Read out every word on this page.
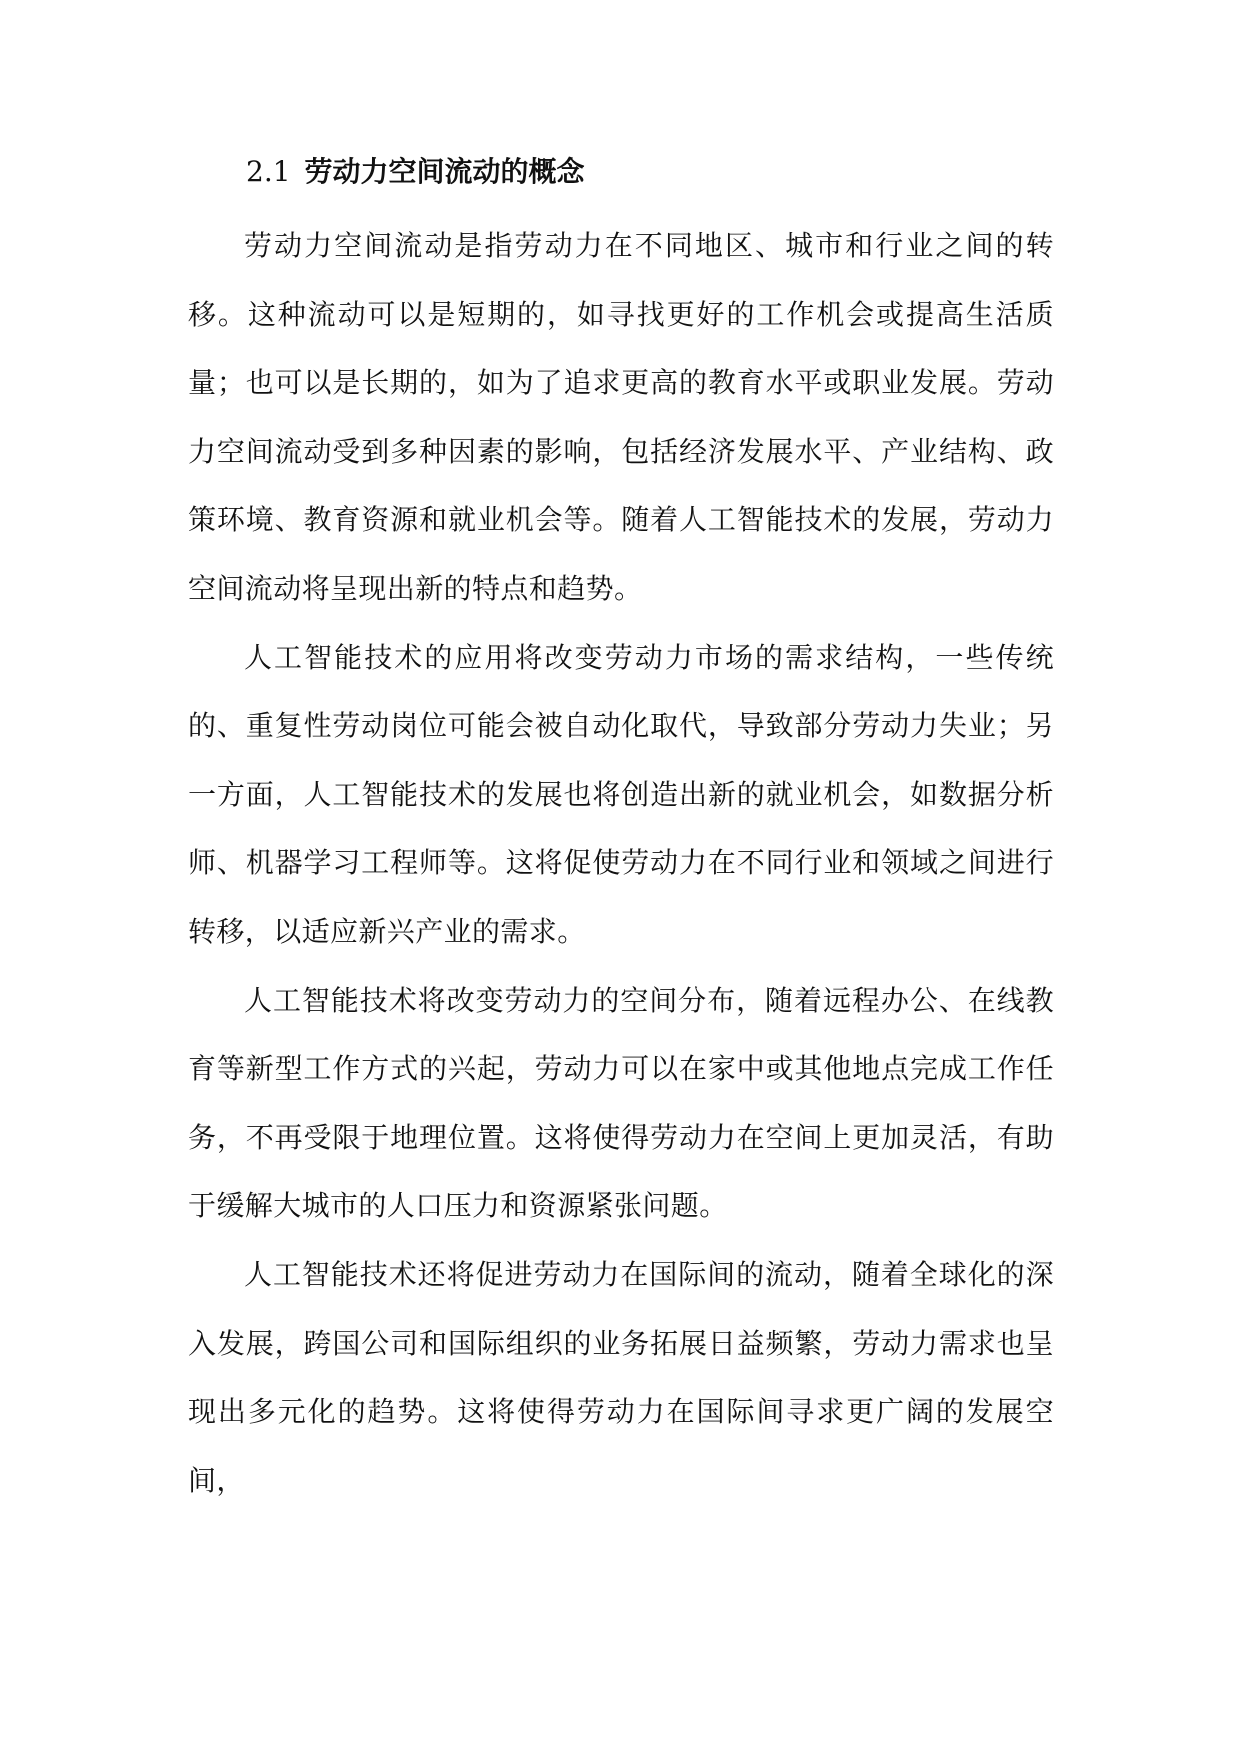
2.1 劳动力空间流动的概念

劳动力空间流动是指劳动力在不同地区、城市和行业之间的转移。这种流动可以是短期的，如寻找更好的工作机会或提高生活质量；也可以是长期的，如为了追求更高的教育水平或职业发展。劳动力空间流动受到多种因素的影响，包括经济发展水平、产业结构、政策环境、教育资源和就业机会等。随着人工智能技术的发展，劳动力空间流动将呈现出新的特点和趋势。

人工智能技术的应用将改变劳动力市场的需求结构，一些传统的、重复性劳动岗位可能会被自动化取代，导致部分劳动力失业；另一方面，人工智能技术的发展也将创造出新的就业机会，如数据分析师、机器学习工程师等。这将促使劳动力在不同行业和领域之间进行转移，以适应新兴产业的需求。

人工智能技术将改变劳动力的空间分布，随着远程办公、在线教育等新型工作方式的兴起，劳动力可以在家中或其他地点完成工作任务，不再受限于地理位置。这将使得劳动力在空间上更加灵活，有助于缓解大城市的人口压力和资源紧张问题。

人工智能技术还将促进劳动力在国际间的流动，随着全球化的深入发展，跨国公司和国际组织的业务拓展日益频繁，劳动力需求也呈现出多元化的趋势。这将使得劳动力在国际间寻求更广阔的发展空间，
